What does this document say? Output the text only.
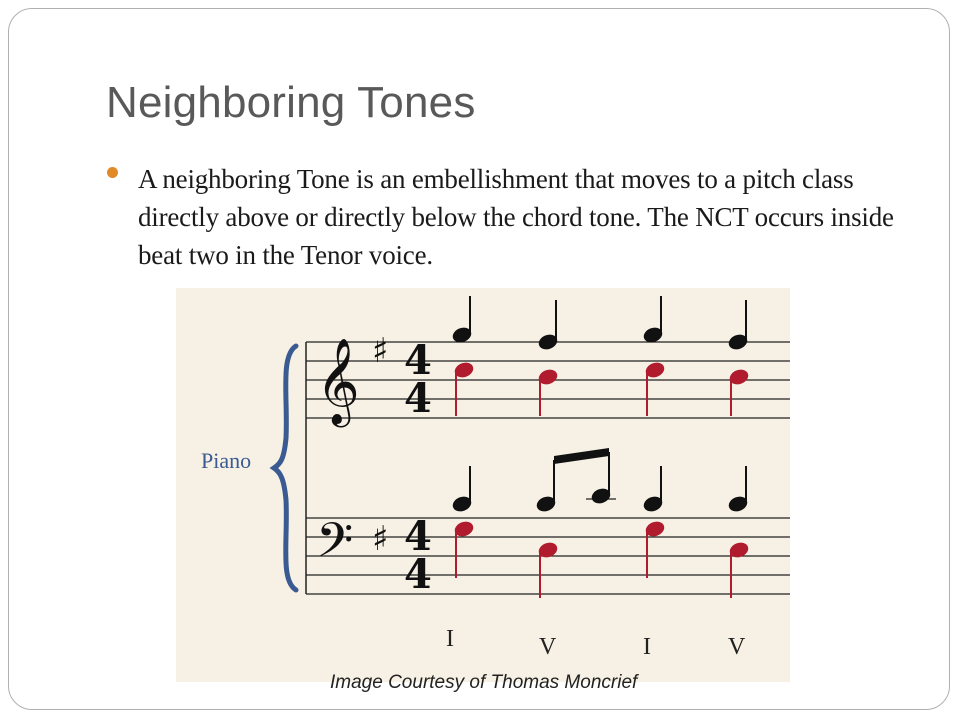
Neighboring Tones

A neighboring Tone is an embellishment that moves to a pitch class directly above or directly below the chord tone. The NCT occurs inside beat two in the Tenor voice.

Piano
𝄞
𝄢
♯
♯
4
4
4
4
I	V	I	V

Image Courtesy of Thomas Moncrief
